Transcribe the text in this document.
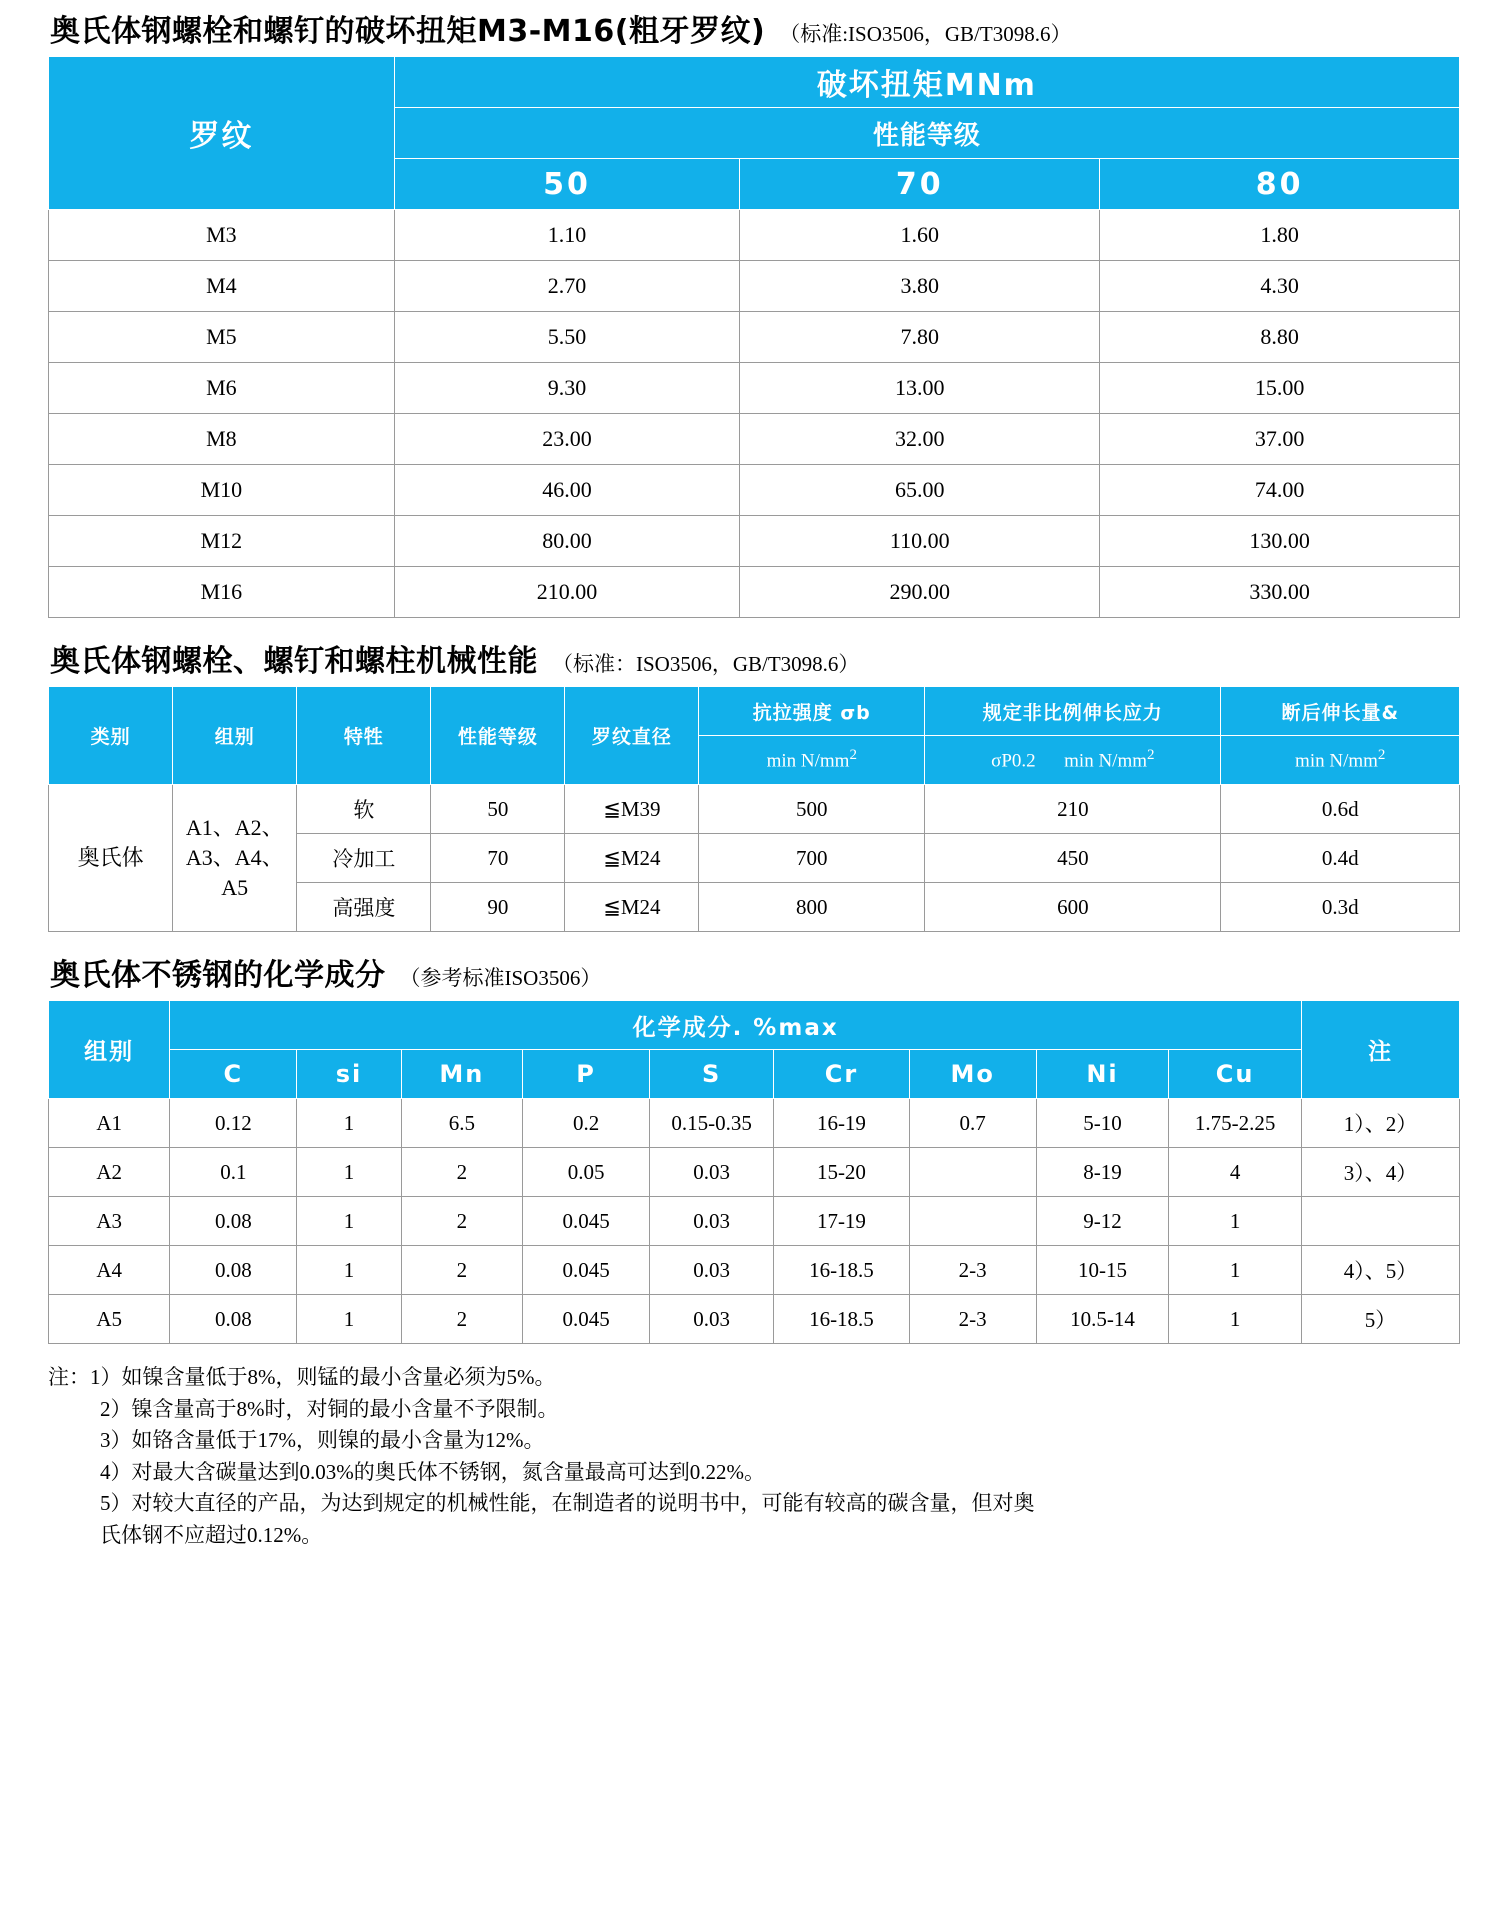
奥氏体钢螺栓和螺钉的破坏扭矩M3-M16(粗牙罗纹) （标准:ISO3506，GB/T3098.6）
罗纹	破坏扭矩MNm		
	性能等级		
	50	70	80
M3	1.10	1.60	1.80
M4	2.70	3.80	4.30
M5	5.50	7.80	8.80
M6	9.30	13.00	15.00
M8	23.00	32.00	37.00
M10	46.00	65.00	74.00
M12	80.00	110.00	130.00
M16	210.00	290.00	330.00
奥氏体钢螺栓、螺钉和螺柱机械性能 （标准：ISO3506，GB/T3098.6）
类别	组别	特牲	性能等级	罗纹直径	抗拉强度 σb	规定非比例伸长应力	断后伸长量&
					$\min N/mm^2$	σP0.2 $\min N/mm^2$	$\min N/mm^2$
奥氏体	A1、A2、A3、A4、A5	软	50	≦M39	500	210	0.6d
		冷加工	70	≦M24	700	450	0.4d
		高强度	90	≦M24	800	600	0.3d
奥氏体不锈钢的化学成分 （参考标准ISO3506）
组别	化学成分. %max									注
	C	si	Mn	P	S	Cr	Mo	Ni	Cu	
A1	0.12	1	6.5	0.2	0.15-0.35	16-19	0.7	5-10	1.75-2.25	1）、2）
A2	0.1	1	2	0.05	0.03	15-20		8-19	4	3）、4）
A3	0.08	1	2	0.045	0.03	17-19		9-12	1	
A4	0.08	1	2	0.045	0.03	16-18.5	2-3	10-15	1	4）、5）
A5	0.08	1	2	0.045	0.03	16-18.5	2-3	10.5-14	1	5）
注： 1） 如镍含量低于8%，则锰的最小含量必须为5%。
2） 镍含量高于8%时，对铜的最小含量不予限制。
3） 如铬含量低于17%，则镍的最小含量为12%。
4） 对最大含碳量达到0.03%的奥氏体不锈钢，氮含量最高可达到0.22%。
5） 对较大直径的产品，为达到规定的机械性能，在制造者的说明书中，可能有较高的碳含量，但对奥
氏体钢不应超过0.12%。
